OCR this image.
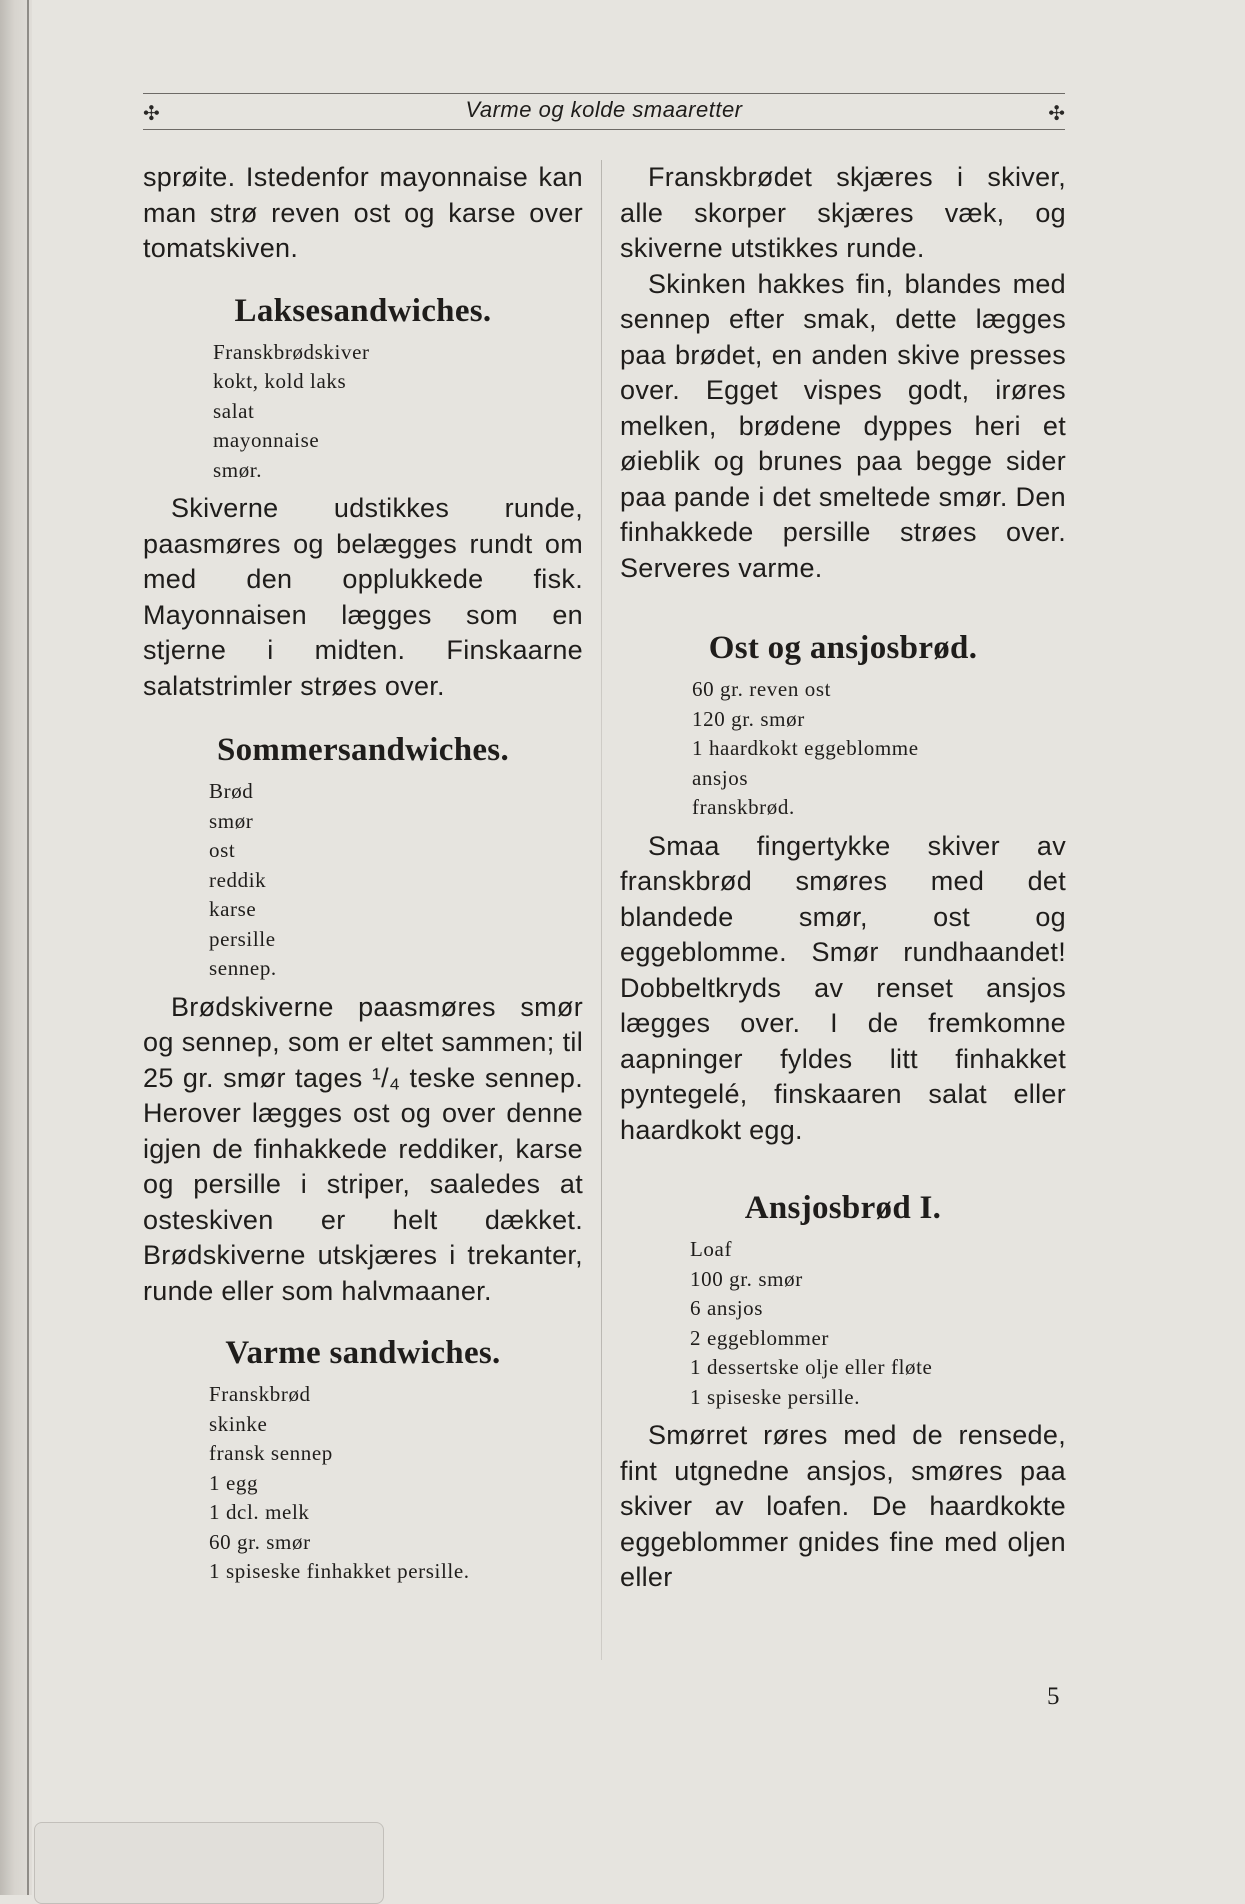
✣	Varme og kolde smaaretter	✣

sprøite. Istedenfor mayonnaise kan man strø reven ost og karse over tomatskiven.

Laksesandwiches.
Franskbrødskiver
kokt, kold laks
salat
mayonnaise
smør.

Skiverne udstikkes runde, paasmøres og belægges rundt om med den opplukkede fisk. Mayonnaisen lægges som en stjerne i midten. Finskaarne salatstrimler strøes over.

Sommersandwiches.
Brød
smør
ost
reddik
karse
persille
sennep.

Brødskiverne paasmøres smør og sennep, som er eltet sammen; til 25 gr. smør tages ¹/₄ teske sennep. Herover lægges ost og over denne igjen de finhakkede reddiker, karse og persille i striper, saaledes at osteskiven er helt dækket. Brødskiverne utskjæres i trekanter, runde eller som halvmaaner.

Varme sandwiches.
Franskbrød
skinke
fransk sennep
1 egg
1 dcl. melk
60 gr. smør
1 spiseske finhakket persille.

Franskbrødet skjæres i skiver, alle skorper skjæres væk, og skiverne utstikkes runde.

Skinken hakkes fin, blandes med sennep efter smak, dette lægges paa brødet, en anden skive presses over. Egget vispes godt, irøres melken, brødene dyppes heri et øieblik og brunes paa begge sider paa pande i det smeltede smør. Den finhakkede persille strøes over. Serveres varme.

Ost og ansjosbrød.
60 gr. reven ost
120 gr. smør
1 haardkokt eggeblomme
ansjos
franskbrød.

Smaa fingertykke skiver av franskbrød smøres med det blandede smør, ost og eggeblomme. Smør rundhaandet! Dobbeltkryds av renset ansjos lægges over. I de fremkomne aapninger fyldes litt finhakket pyntegelé, finskaaren salat eller haardkokt egg.

Ansjosbrød I.
Loaf
100 gr. smør
6 ansjos
2 eggeblommer
1 dessertske olje eller fløte
1 spiseske persille.

Smørret røres med de rensede, fint utgnedne ansjos, smøres paa skiver av loafen. De haardkokte eggeblommer gnides fine med oljen eller

5
